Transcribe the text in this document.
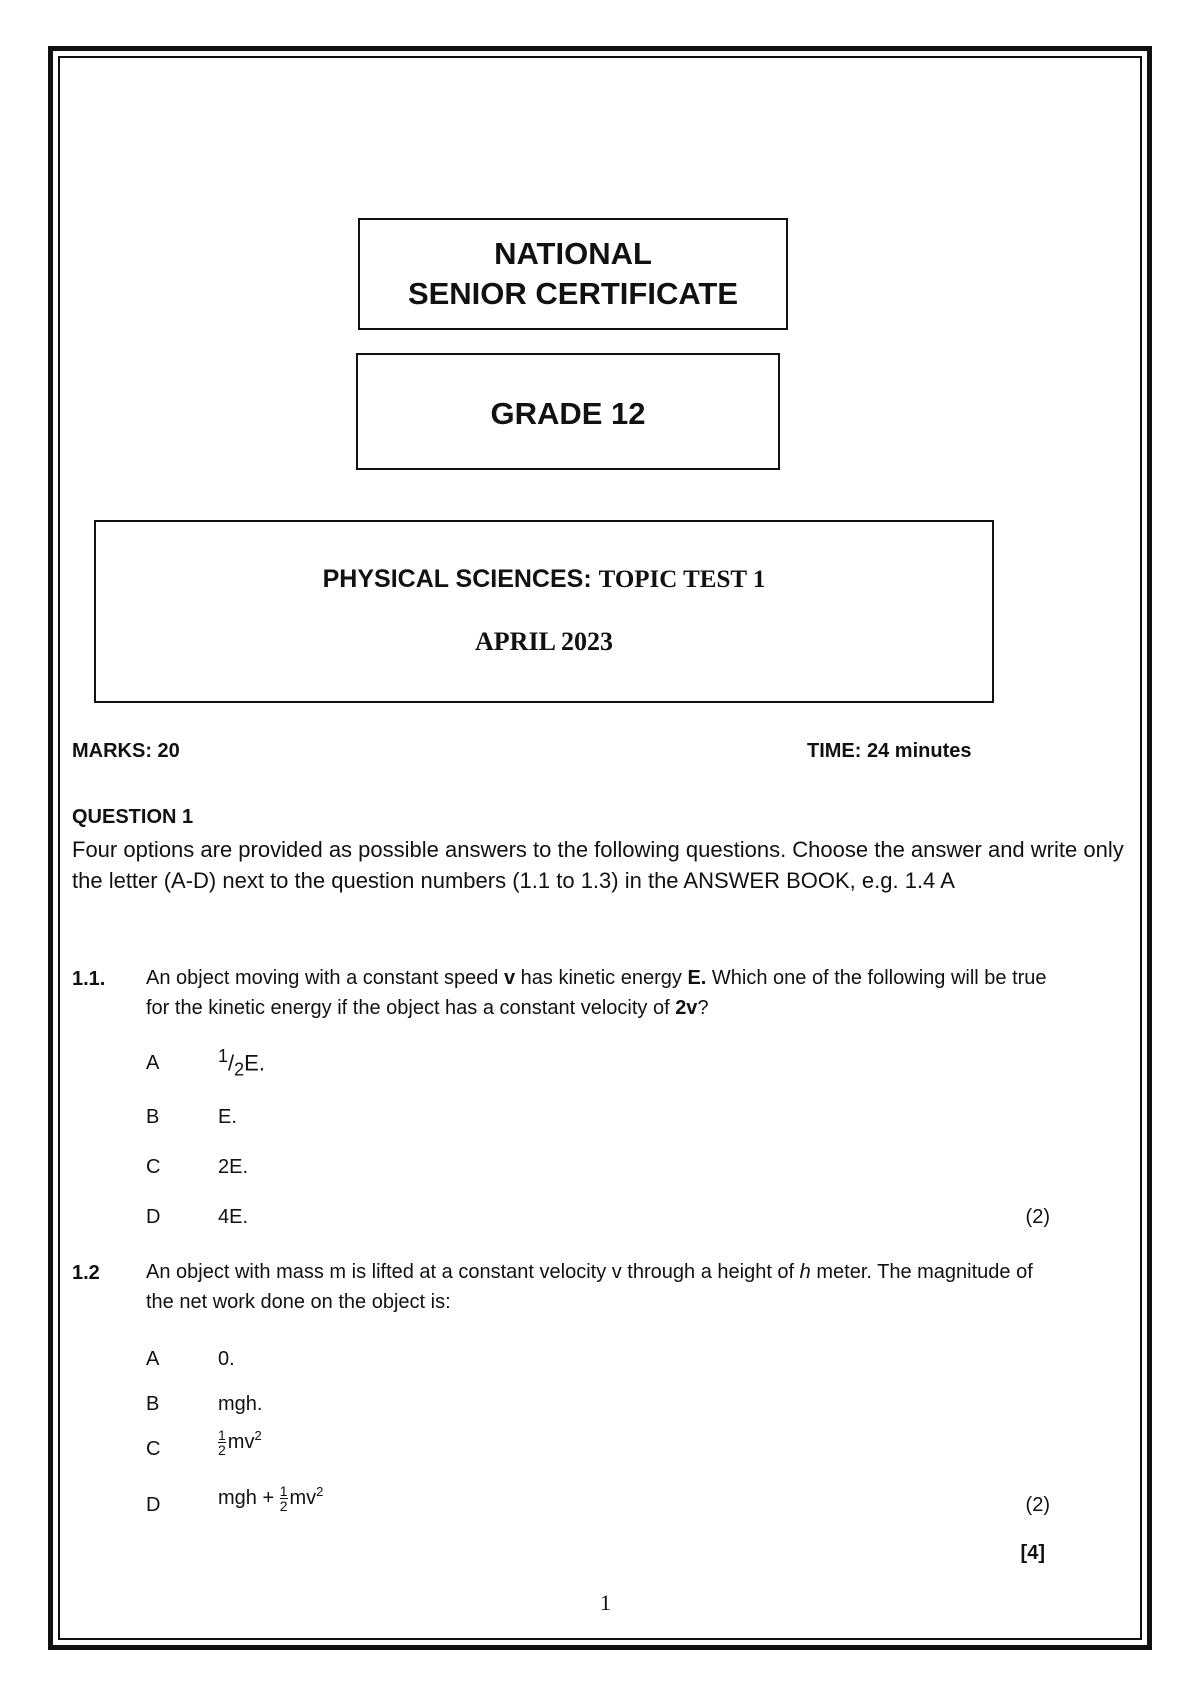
NATIONAL
SENIOR CERTIFICATE
GRADE 12
PHYSICAL SCIENCES: TOPIC TEST 1
APRIL 2023
MARKS: 20	TIME: 24 minutes
QUESTION 1
Four options are provided as possible answers to the following questions. Choose the answer and write only the letter (A-D) next to the question numbers (1.1 to 1.3) in the ANSWER BOOK, e.g. 1.4 A
1.1. An object moving with a constant speed v has kinetic energy E. Which one of the following will be true for the kinetic energy if the object has a constant velocity of 2v?
A	$^1/_2E$.
B	E.
C	2E.
D	4E.	(2)
1.2 An object with mass m is lifted at a constant velocity v through a height of h meter. The magnitude of the net work done on the object is:
A	0.
B	mgh.
C	$\frac{1}{2} mv^2$
D	mgh + $\frac{1}{2} mv^2$
(2)
[4]
1
